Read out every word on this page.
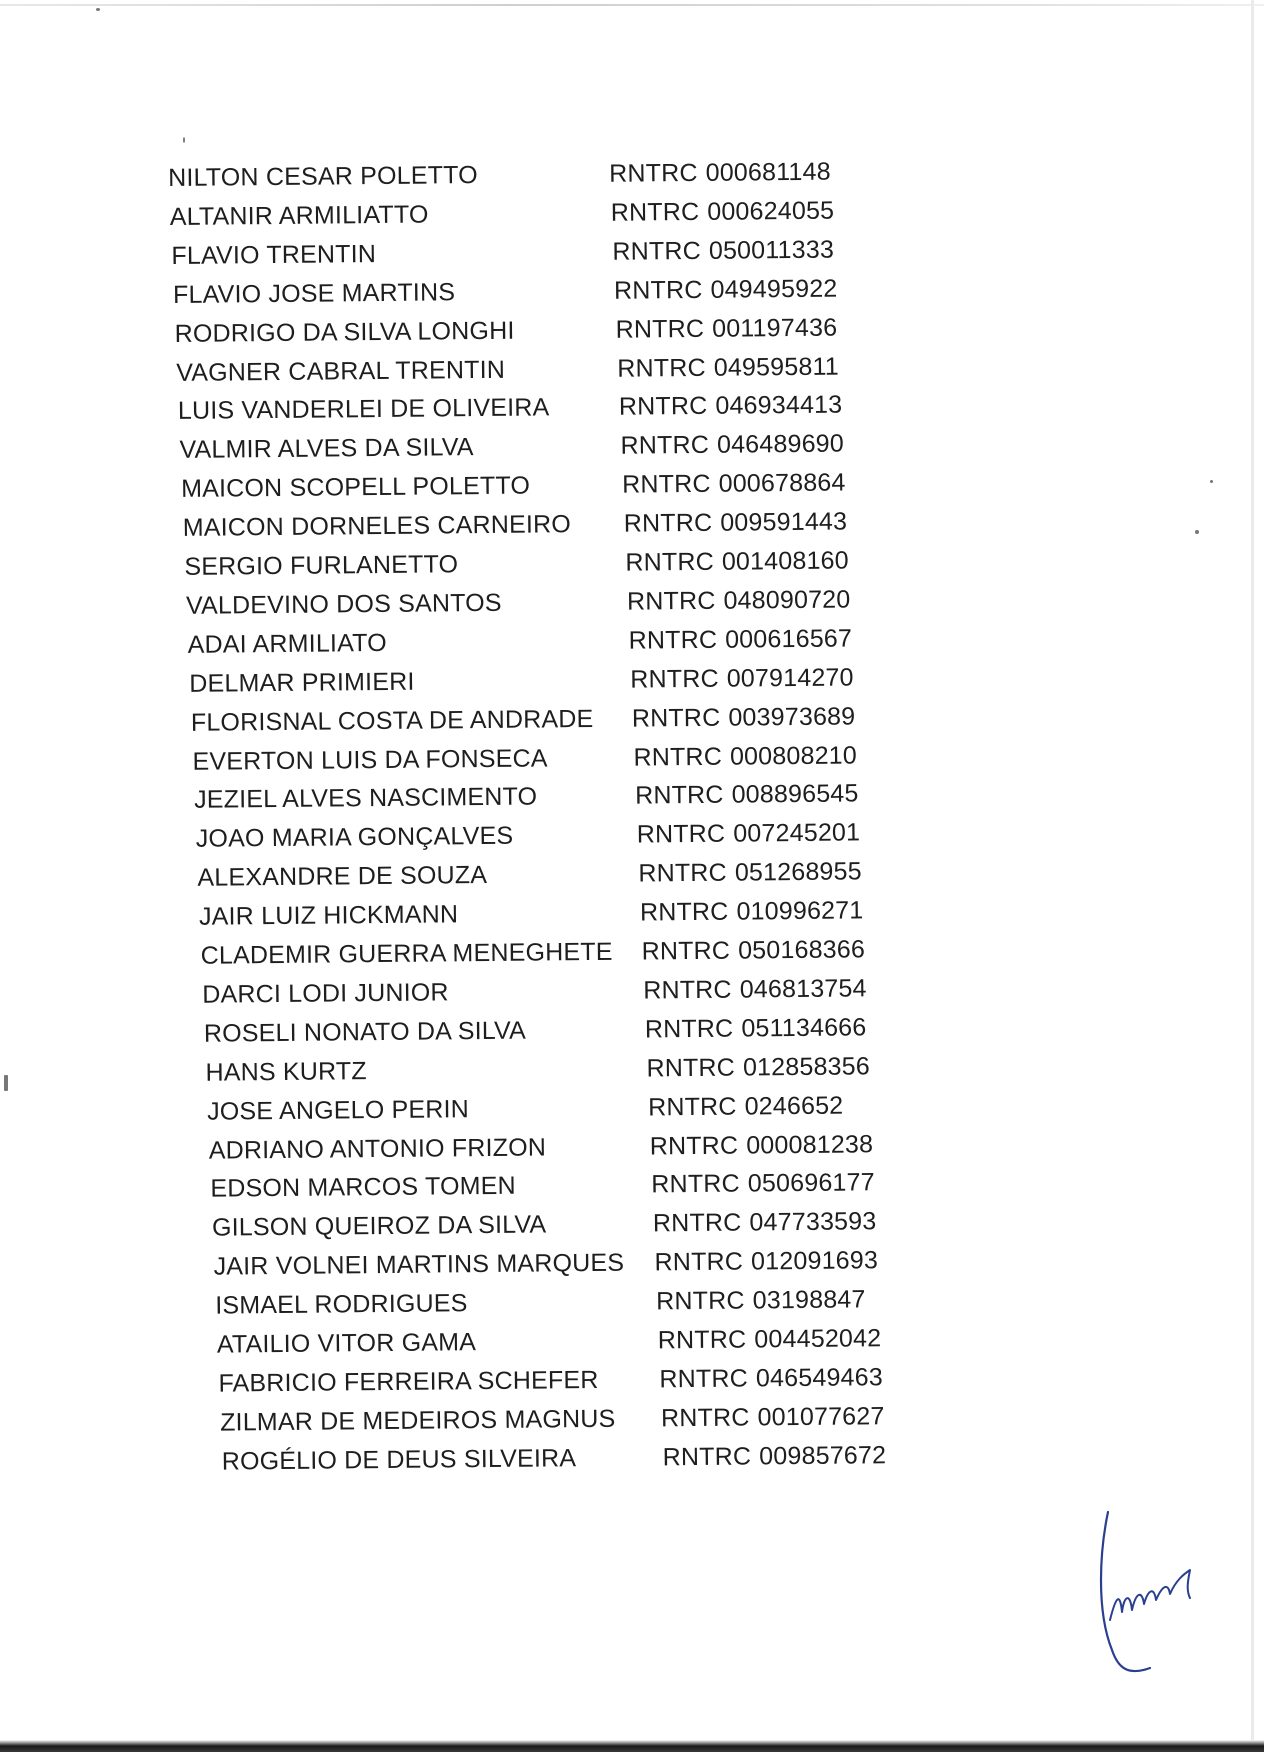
NILTON CESAR POLETTO	RNTRC 000681148
ALTANIR ARMILIATTO	RNTRC 000624055
FLAVIO TRENTIN	RNTRC 050011333
FLAVIO JOSE MARTINS	RNTRC 049495922
RODRIGO DA SILVA LONGHI	RNTRC 001197436
VAGNER CABRAL TRENTIN	RNTRC 049595811
LUIS VANDERLEI DE OLIVEIRA	RNTRC 046934413
VALMIR ALVES DA SILVA	RNTRC 046489690
MAICON SCOPELL POLETTO	RNTRC 000678864
MAICON DORNELES CARNEIRO RNTRC 009591443
SERGIO FURLANETTO	RNTRC 001408160
VALDEVINO DOS SANTOS	RNTRC 048090720
ADAI ARMILIATO	RNTRC 000616567
DELMAR PRIMIERI	RNTRC 007914270
FLORISNAL COSTA DE ANDRADE RNTRC 003973689
EVERTON LUIS DA FONSECA	RNTRC 000808210
JEZIEL ALVES NASCIMENTO	RNTRC 008896545
JOAO MARIA GONÇALVES	RNTRC 007245201
ALEXANDRE DE SOUZA	RNTRC 051268955
JAIR LUIZ HICKMANN	RNTRC 010996271
CLADEMIR GUERRA MENEGHETE RNTRC 050168366
DARCI LODI JUNIOR	RNTRC 046813754
ROSELI NONATO DA SILVA	RNTRC 051134666
HANS KURTZ	RNTRC 012858356
JOSE ANGELO PERIN	RNTRC 0246652
ADRIANO ANTONIO FRIZON	RNTRC 000081238
EDSON MARCOS TOMEN	RNTRC 050696177
GILSON QUEIROZ DA SILVA	RNTRC 047733593
JAIR VOLNEI MARTINS MARQUES RNTRC 012091693
ISMAEL RODRIGUES	RNTRC 03198847
ATAILIO VITOR GAMA	RNTRC 004452042
FABRICIO FERREIRA SCHEFER RNTRC 046549463
ZILMAR DE MEDEIROS MAGNUS RNTRC 001077627
ROGÉLIO DE DEUS SILVEIRA	RNTRC 009857672
